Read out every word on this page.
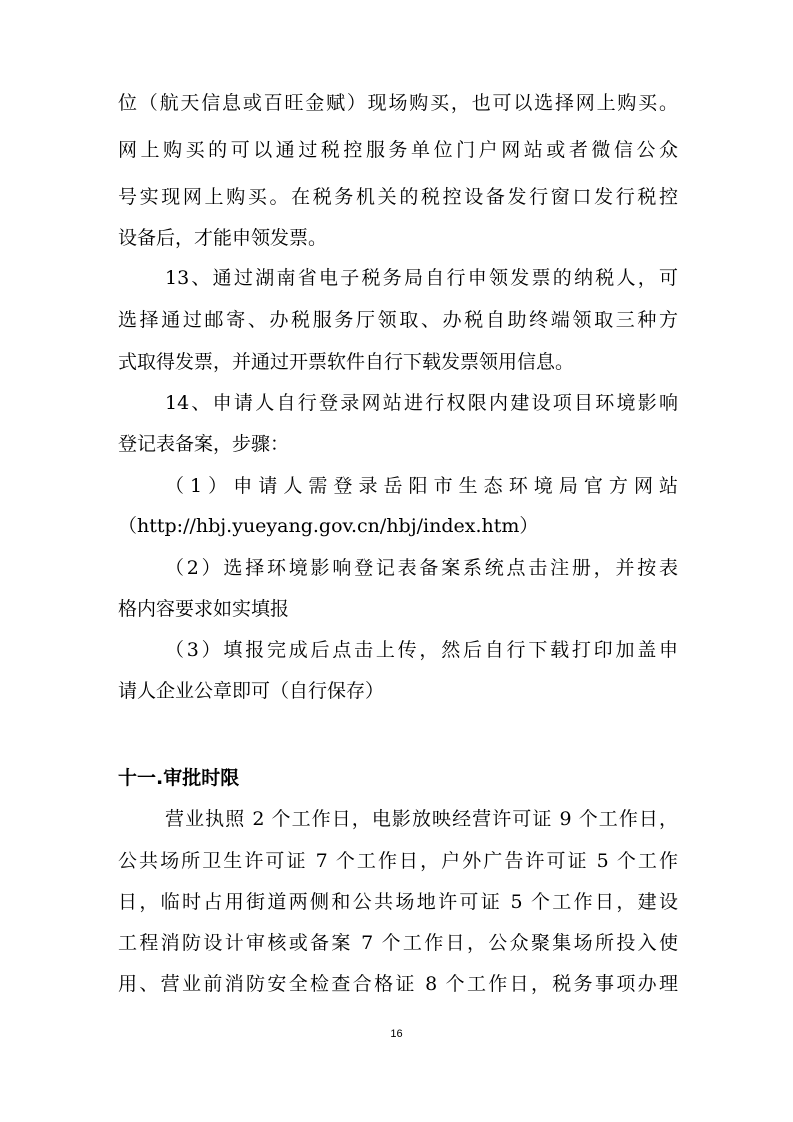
位（航天信息或百旺金赋）现场购买，也可以选择网上购买。
网上购买的可以通过税控服务单位门户网站或者微信公众
号实现网上购买。在税务机关的税控设备发行窗口发行税控
设备后，才能申领发票。
13、通过湖南省电子税务局自行申领发票的纳税人，可
选择通过邮寄、办税服务厅领取、办税自助终端领取三种方
式取得发票，并通过开票软件自行下载发票领用信息。
14、申请人自行登录网站进行权限内建设项目环境影响
登记表备案，步骤：
（1）申请人需登录岳阳市生态环境局官方网站
（http://hbj.yueyang.gov.cn/hbj/index.htm）
（2）选择环境影响登记表备案系统点击注册，并按表
格内容要求如实填报
（3）填报完成后点击上传，然后自行下载打印加盖申
请人企业公章即可（自行保存）
十一.审批时限
营业执照 2 个工作日，电影放映经营许可证 9 个工作日，
公共场所卫生许可证 7 个工作日，户外广告许可证 5 个工作
日，临时占用街道两侧和公共场地许可证 5 个工作日，建设
工程消防设计审核或备案 7 个工作日，公众聚集场所投入使
用、营业前消防安全检查合格证 8 个工作日，税务事项办理
16
